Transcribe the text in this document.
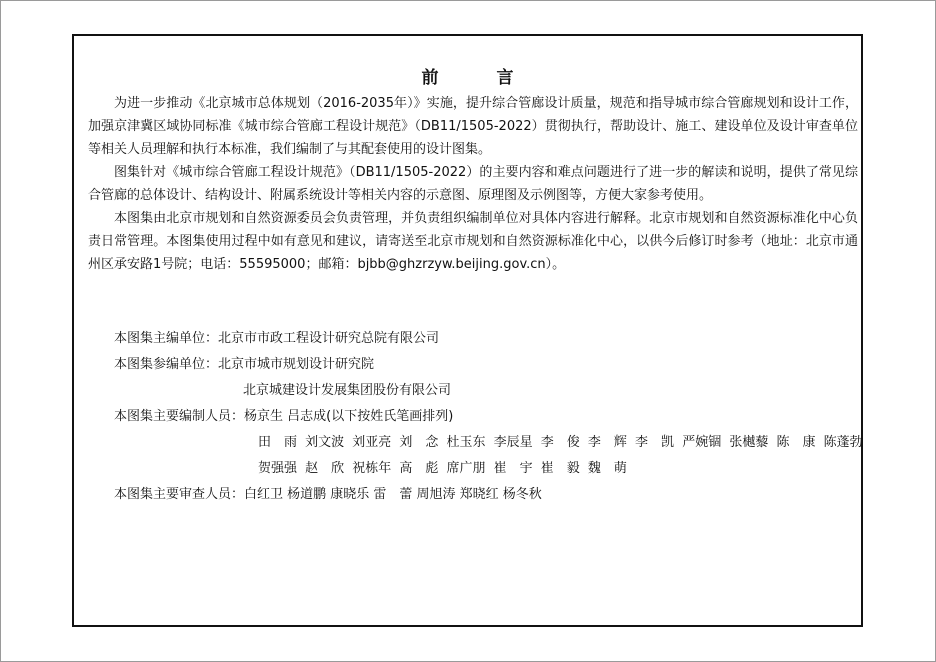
前 言

为进一步推动《北京城市总体规划（2016-2035年）》实施，提升综合管廊设计质量，规范和指导城市综合管廊规划和设计工作，加强京津冀区域协同标准《城市综合管廊工程设计规范》（DB11/1505-2022）贯彻执行，帮助设计、施工、建设单位及设计审查单位等相关人员理解和执行本标准，我们编制了与其配套使用的设计图集。

图集针对《城市综合管廊工程设计规范》（DB11/1505-2022）的主要内容和难点问题进行了进一步的解读和说明，提供了常见综合管廊的总体设计、结构设计、附属系统设计等相关内容的示意图、原理图及示例图等，方便大家参考使用。

本图集由北京市规划和自然资源委员会负责管理，并负责组织编制单位对具体内容进行解释。北京市规划和自然资源标准化中心负责日常管理。本图集使用过程中如有意见和建议，请寄送至北京市规划和自然资源标准化中心，以供今后修订时参考（地址：北京市通州区承安路1号院；电话：55595000；邮箱：bjbb@ghzrzyw.beijing.gov.cn）。

本图集主编单位：北京市市政工程设计研究总院有限公司
本图集参编单位：北京市城市规划设计研究院
北京城建设计发展集团股份有限公司
本图集主要编制人员：杨京生 吕志成(以下按姓氏笔画排列)
田　雨 刘文波 刘亚亮 刘　念 杜玉东 李辰星 李　俊 李　辉 李　凯 严婉锢 张樾藜 陈　康 陈蓬勃
贺强强 赵　欣 祝栋年 高　彪 席广朋 崔　宇 崔　毅 魏　萌
本图集主要审查人员：白红卫 杨道鹏 康晓乐 雷　蕾 周旭涛 郑晓红 杨冬秋
